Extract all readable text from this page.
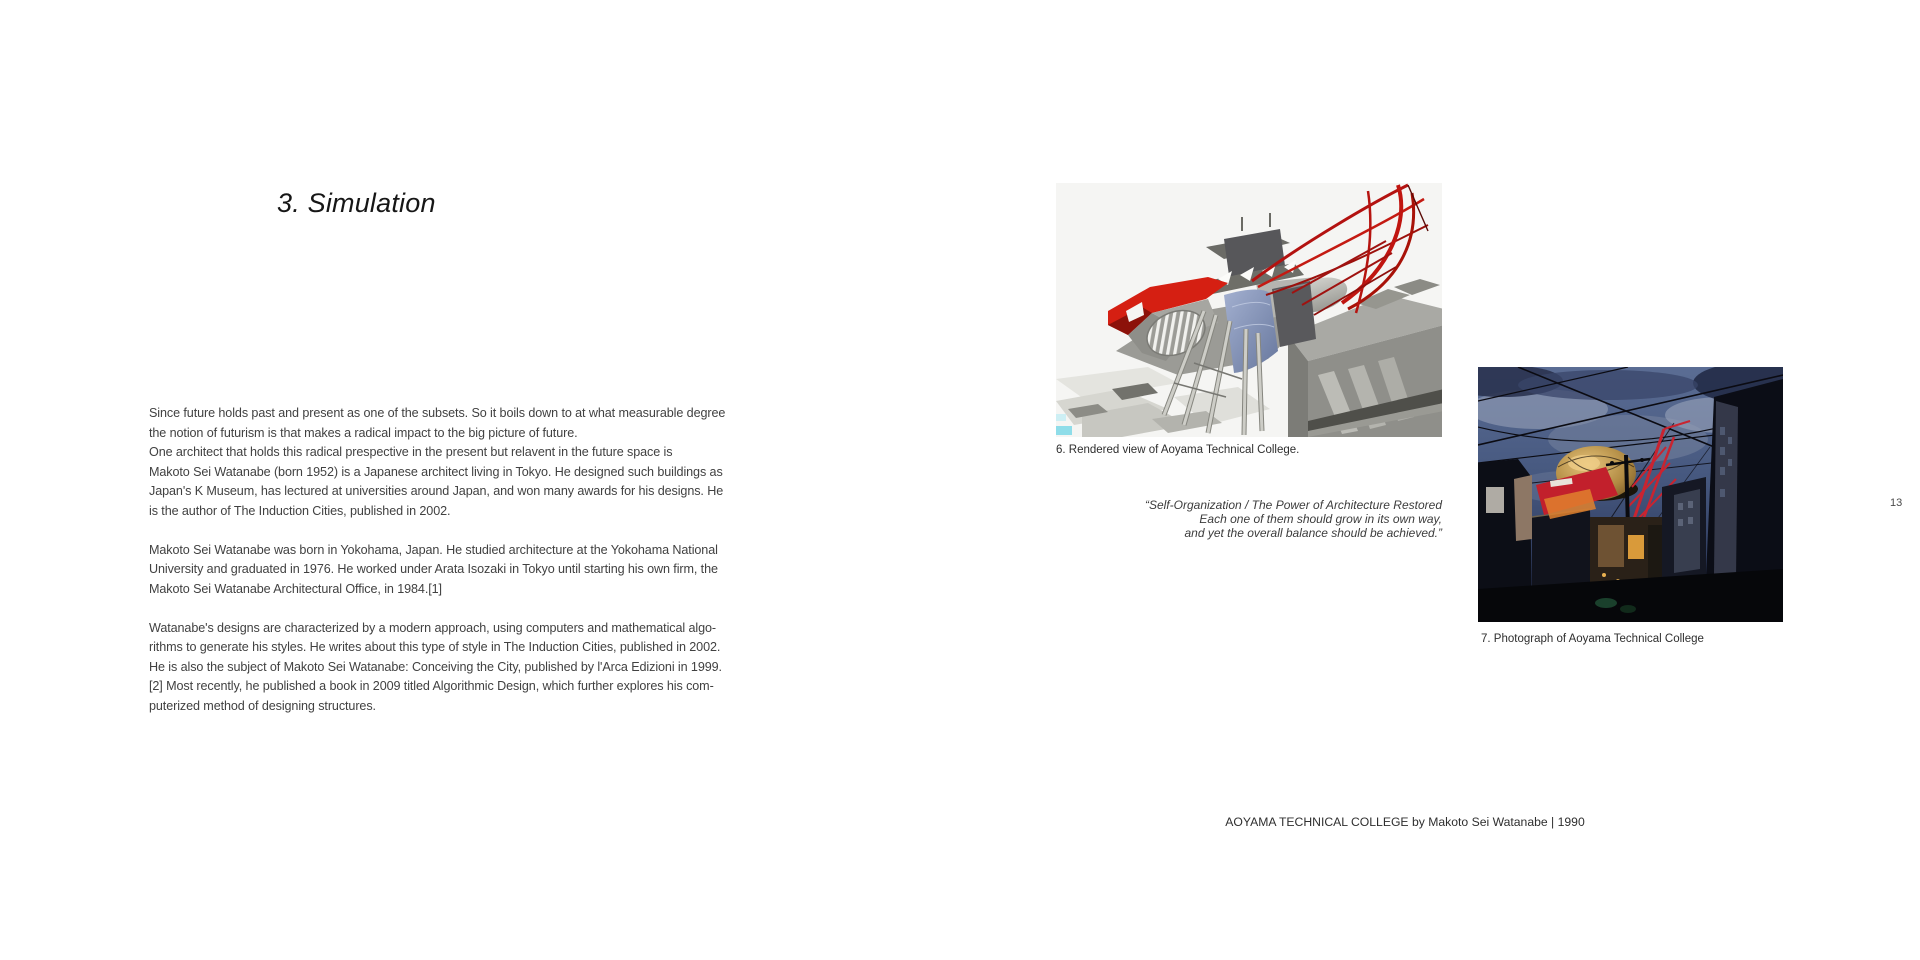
3. Simulation
Since future holds past and present as one of the subsets. So it boils down to at what measurable degree
the notion of futurism is that makes a radical impact to the big picture of future.
One architect that holds this radical prespective in the present but relavent in the future space is
Makoto Sei Watanabe (born 1952) is a Japanese architect living in Tokyo. He designed such buildings as
Japan's K Museum, has lectured at universities around Japan, and won many awards for his designs. He
is the author of The Induction Cities, published in 2002.
Makoto Sei Watanabe was born in Yokohama, Japan. He studied architecture at the Yokohama National
University and graduated in 1976. He worked under Arata Isozaki in Tokyo until starting his own firm, the
Makoto Sei Watanabe Architectural Office, in 1984.[1]
Watanabe's designs are characterized by a modern approach, using computers and mathematical algo-
rithms to generate his styles. He writes about this type of style in The Induction Cities, published in 2002.
He is also the subject of Makoto Sei Watanabe: Conceiving the City, published by l'Arca Edizioni in 1999.
[2] Most recently, he published a book in 2009 titled Algorithmic Design, which further explores his com-
puterized method of designing structures.
6. Rendered view of Aoyama Technical College.
“Self-Organization / The Power of Architecture Restored
Each one of them should grow in its own way,
and yet the overall balance should be achieved.”
7. Photograph of Aoyama Technical College
AOYAMA TECHNICAL COLLEGE by Makoto Sei Watanabe | 1990
13
